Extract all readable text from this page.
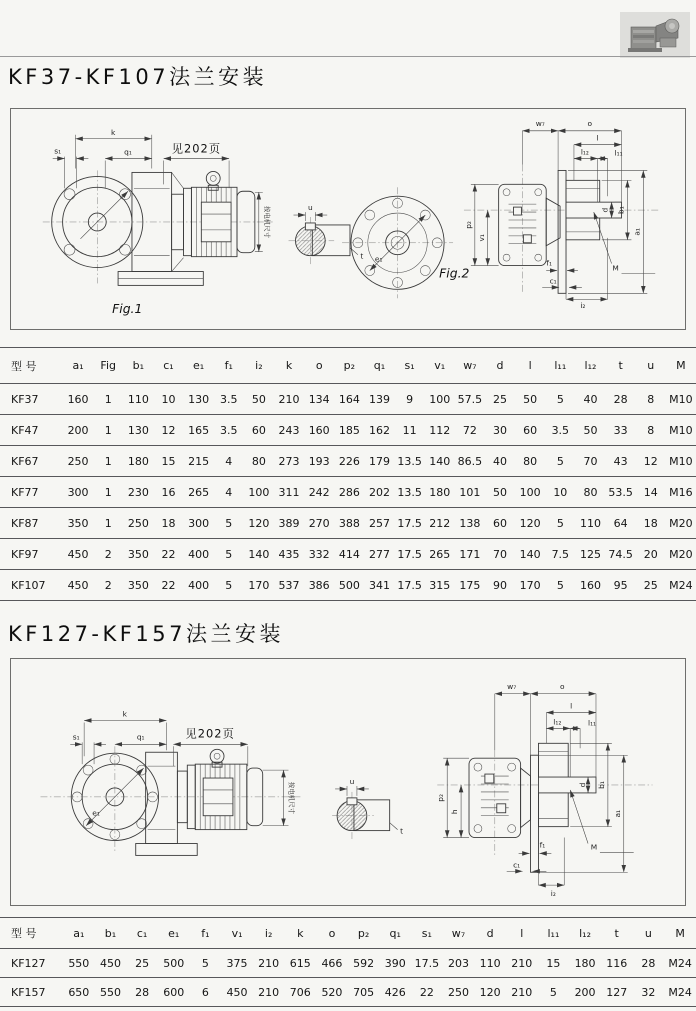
KF37-KF107法兰安装
k
s₁	q₁	见202页
按电机尺寸
Fig.1
u
t e₁
Fig.2
w₇	o
l
l₁₂	l₁₁
d b₁
a₁
p₂
v₁
f₁
c₁
i₂
M
型 号	a₁	Fig	b₁	c₁	e₁	f₁	i₂	k	o	p₂	q₁	s₁	v₁	w₇	d	l	l₁₁	l₁₂	t	u	M
KF37	160	1	110	10	130	3.5	50	210	134	164	139	9	100	57.5	25	50	5	40	28	8	M10
KF47	200	1	130	12	165	3.5	60	243	160	185	162	11	112	72	30	60	3.5	50	33	8	M10
KF67	250	1	180	15	215	4	80	273	193	226	179	13.5	140	86.5	40	80	5	70	43	12	M10
KF77	300	1	230	16	265	4	100	311	242	286	202	13.5	180	101	50	100	10	80	53.5	14	M16
KF87	350	1	250	18	300	5	120	389	270	388	257	17.5	212	138	60	120	5	110	64	18	M20
KF97	450	2	350	22	400	5	140	435	332	414	277	17.5	265	171	70	140	7.5	125	74.5	20	M20
KF107	450	2	350	22	400	5	170	537	386	500	341	17.5	315	175	90	170	5	160	95	25	M24
KF127-KF157法兰安装
e₁
k
s₁	q₁	见202页
按电机尺寸
u
t
w₇	o
l
l₁₂	l₁₁
d b₁
a₁
p₂
h
f₁
c₁
i₂
M
型 号	a₁	b₁	c₁	e₁	f₁	v₁	i₂	k	o	p₂	q₁	s₁	w₇	d	l	l₁₁	l₁₂	t	u	M
KF127	550	450	25	500	5	375	210	615	466	592	390	17.5	203	110	210	15	180	116	28	M24
KF157	650	550	28	600	6	450	210	706	520	705	426	22	250	120	210	5	200	127	32	M24
